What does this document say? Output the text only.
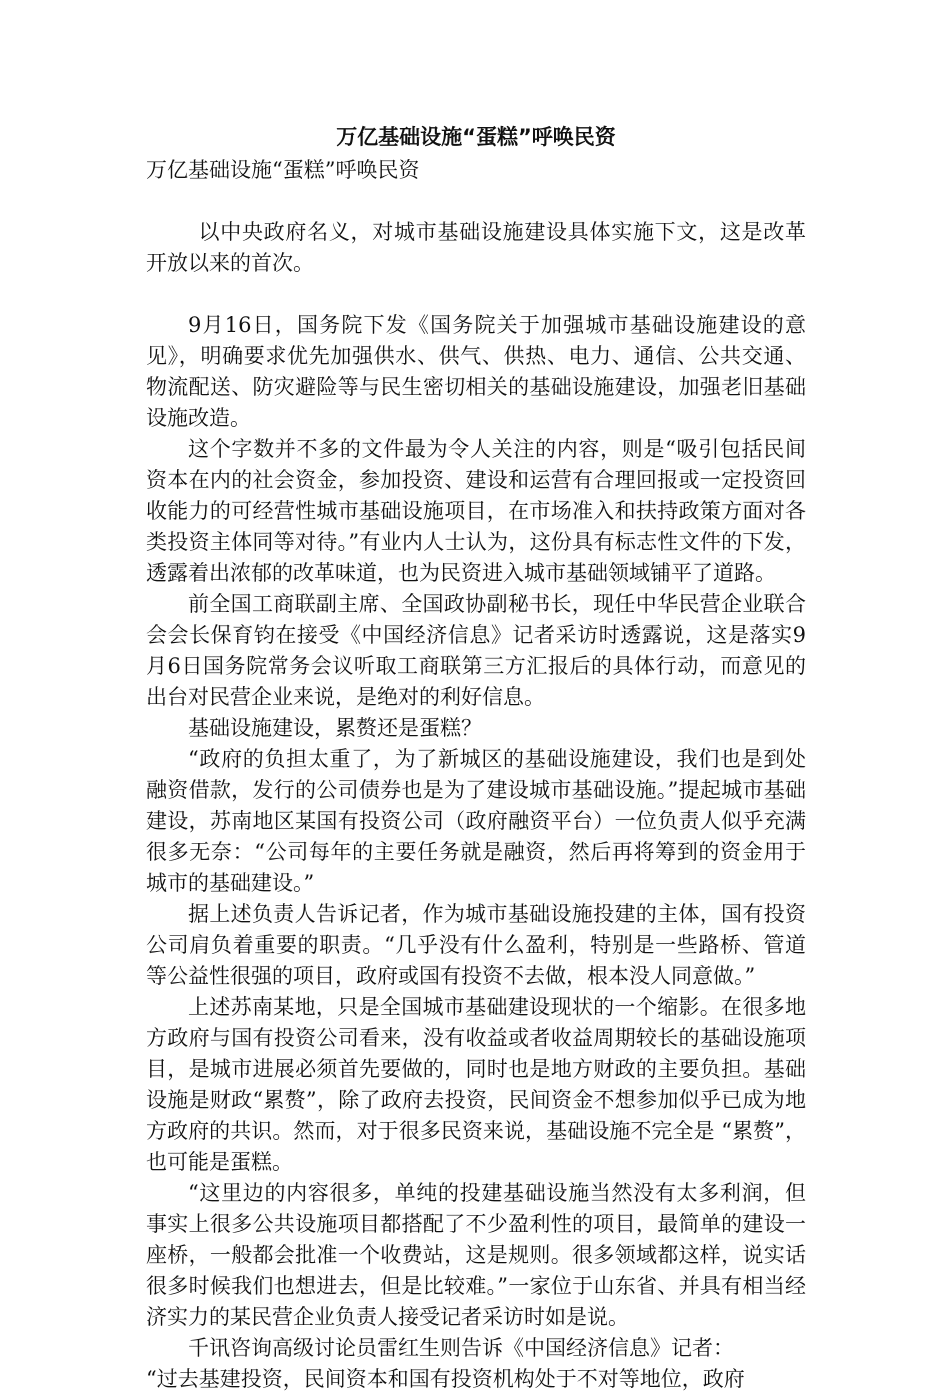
万亿基础设施“蛋糕”呼唤民资

万亿基础设施“蛋糕”呼唤民资

以中央政府名义，对城市基础设施建设具体实施下文，这是改革开放以来的首次。

9月16日，国务院下发《国务院关于加强城市基础设施建设的意见》，明确要求优先加强供水、供气、供热、电力、通信、公共交通、物流配送、防灾避险等与民生密切相关的基础设施建设，加强老旧基础设施改造。

这个字数并不多的文件最为令人关注的内容，则是“吸引包括民间资本在内的社会资金，参加投资、建设和运营有合理回报或一定投资回收能力的可经营性城市基础设施项目，在市场准入和扶持政策方面对各类投资主体同等对待。”有业内人士认为，这份具有标志性文件的下发，透露着出浓郁的改革味道，也为民资进入城市基础领域铺平了道路。

前全国工商联副主席、全国政协副秘书长，现任中华民营企业联合会会长保育钧在接受《中国经济信息》记者采访时透露说，这是落实9月6日国务院常务会议听取工商联第三方汇报后的具体行动，而意见的出台对民营企业来说，是绝对的利好信息。

基础设施建设，累赘还是蛋糕？

“政府的负担太重了，为了新城区的基础设施建设，我们也是到处融资借款，发行的公司债券也是为了建设城市基础设施。”提起城市基础建设，苏南地区某国有投资公司（政府融资平台）一位负责人似乎充满很多无奈：“公司每年的主要任务就是融资，然后再将筹到的资金用于城市的基础建设。”

据上述负责人告诉记者，作为城市基础设施投建的主体，国有投资公司肩负着重要的职责。“几乎没有什么盈利，特别是一些路桥、管道等公益性很强的项目，政府或国有投资不去做，根本没人同意做。”

上述苏南某地，只是全国城市基础建设现状的一个缩影。在很多地方政府与国有投资公司看来，没有收益或者收益周期较长的基础设施项目，是城市进展必须首先要做的，同时也是地方财政的主要负担。基础设施是财政“累赘”，除了政府去投资，民间资金不想参加似乎已成为地方政府的共识。然而，对于很多民资来说，基础设施不完全是 “累赘”， 也可能是蛋糕。

“这里边的内容很多，单纯的投建基础设施当然没有太多利润，但事实上很多公共设施项目都搭配了不少盈利性的项目，最简单的建设一座桥，一般都会批准一个收费站，这是规则。很多领域都这样，说实话很多时候我们也想进去，但是比较难。”一家位于山东省、并具有相当经济实力的某民营企业负责人接受记者采访时如是说。

千讯咨询高级讨论员雷红生则告诉《中国经济信息》记者：

“过去基建投资，民间资本和国有投资机构处于不对等地位，政府
